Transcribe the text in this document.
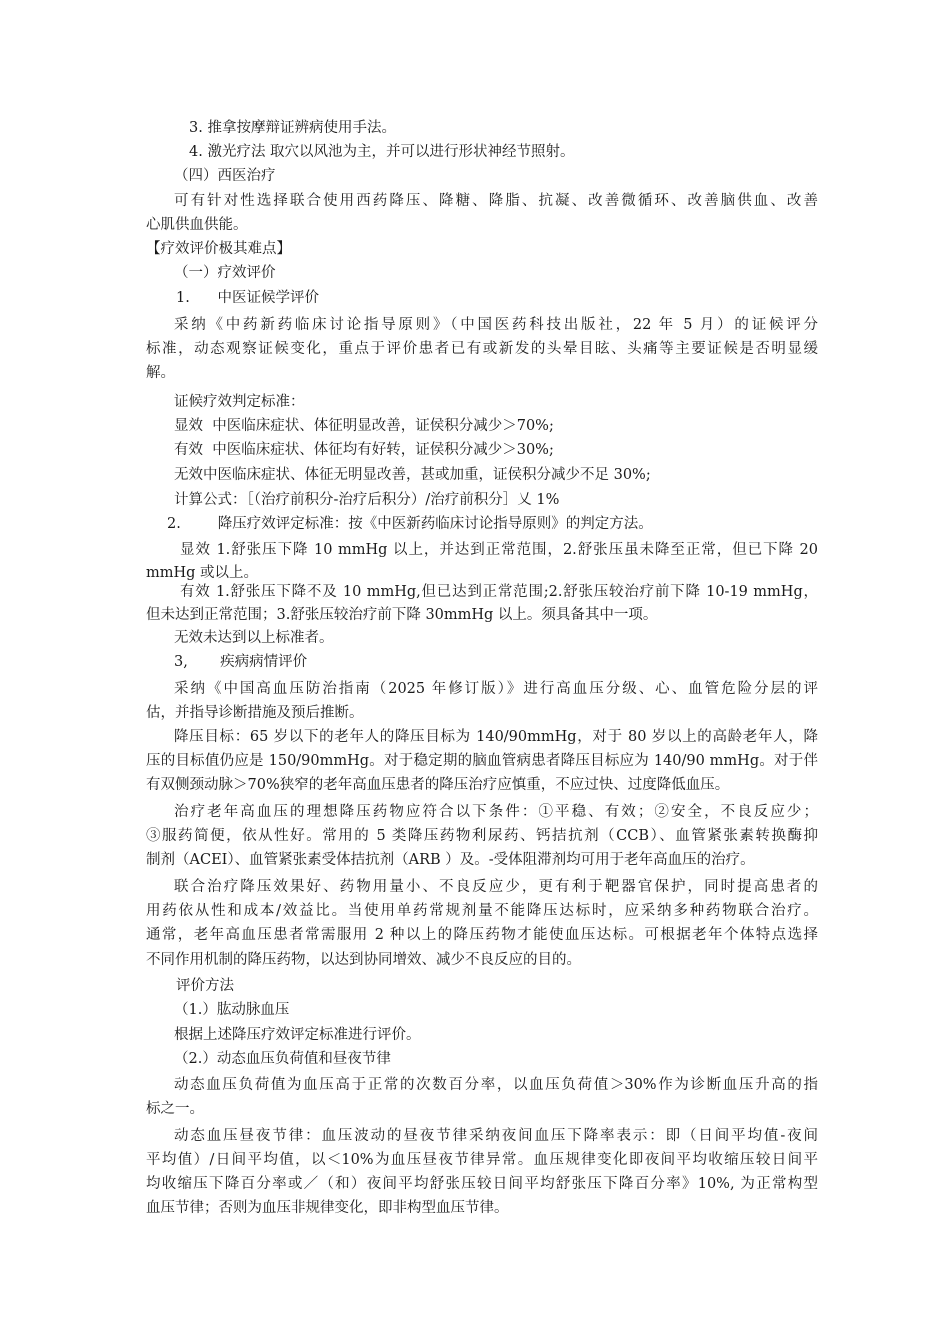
3. 推拿按摩辩证辨病使用手法。
4. 激光疗法 取穴以风池为主，并可以进行形状神经节照射。
（四）西医治疗
可有针对性选择联合使用西药降压、降糖、降脂、抗凝、改善微循环、改善脑供血、改善
心肌供血供能。
【疗效评价极其难点】
（一）疗效评价
1.      中医证候学评价
采纳《中药新药临床讨论指导原则》（中国医药科技出版社，22 年 5 月）的证候评分
标准，动态观察证候变化，重点于评价患者已有或新发的头晕目眩、头痛等主要证候是否明显缓
解。
证候疗效判定标准：
显效  中医临床症状、体征明显改善，证侯积分减少＞70%;
有效  中医临床症状、体征均有好转，证侯积分减少＞30%;
无效中医临床症状、体征无明显改善，甚或加重，证侯积分减少不足 30%;
计算公式：［（治疗前积分-治疗后积分）/治疗前积分］乂 1%
2.        降压疗效评定标准：按《中医新药临床讨论指导原则》的判定方法。
显效 1.舒张压下降 10 mmHg 以上，并达到正常范围，2.舒张压虽未降至正常，但已下降 20
mmHg 或以上。
有效 1.舒张压下降不及 10 mmHg,但已达到正常范围;2.舒张压较治疗前下降 10-19 mmHg，
但未达到正常范围；3.舒张压较治疗前下降 30mmHg 以上。须具备其中一项。
无效未达到以上标准者。
3,       疾病病情评价
采纳《中国高血压防治指南（2025 年修订版）》进行高血压分级、心、血管危险分层的评
估，并指导诊断措施及预后推断。
降压目标：65 岁以下的老年人的降压目标为 140/90mmHg，对于 80 岁以上的高龄老年人，降
压的目标值仍应是 150/90mmHg。对于稳定期的脑血管病患者降压目标应为 140/90 mmHg。对于伴
有双侧颈动脉＞70%狭窄的老年高血压患者的降压治疗应慎重，不应过快、过度降低血压。
治疗老年高血压的理想降压药物应符合以下条件：①平稳、有效；②安全，不良反应少；
③服药简便，依从性好。常用的 5 类降压药物利尿药、钙拮抗剂（CCB）、血管紧张素转换酶抑
制剂（ACEI）、血管紧张素受体拮抗剂（ARB ）及。-受体阻滞剂均可用于老年高血压的治疗。
联合治疗降压效果好、药物用量小、不良反应少，更有利于靶器官保护，同时提高患者的
用药依从性和成本/效益比。当使用单药常规剂量不能降压达标时，应采纳多种药物联合治疗。
通常，老年高血压患者常需服用 2 种以上的降压药物才能使血压达标。可根据老年个体特点选择
不同作用机制的降压药物，以达到协同增效、减少不良反应的目的。
评价方法
（1.）肱动脉血压
根据上述降压疗效评定标准进行评价。
（2.）动态血压负荷值和昼夜节律
动态血压负荷值为血压高于正常的次数百分率，以血压负荷值＞30%作为诊断血压升高的指
标之一。
动态血压昼夜节律：血压波动的昼夜节律采纳夜间血压下降率表示：即（日间平均值-夜间
平均值）/日间平均值，以＜10%为血压昼夜节律异常。血压规律变化即夜间平均收缩压较日间平
均收缩压下降百分率或／（和）夜间平均舒张压较日间平均舒张压下降百分率》10%, 为正常构型
血压节律；否则为血压非规律变化，即非构型血压节律。
